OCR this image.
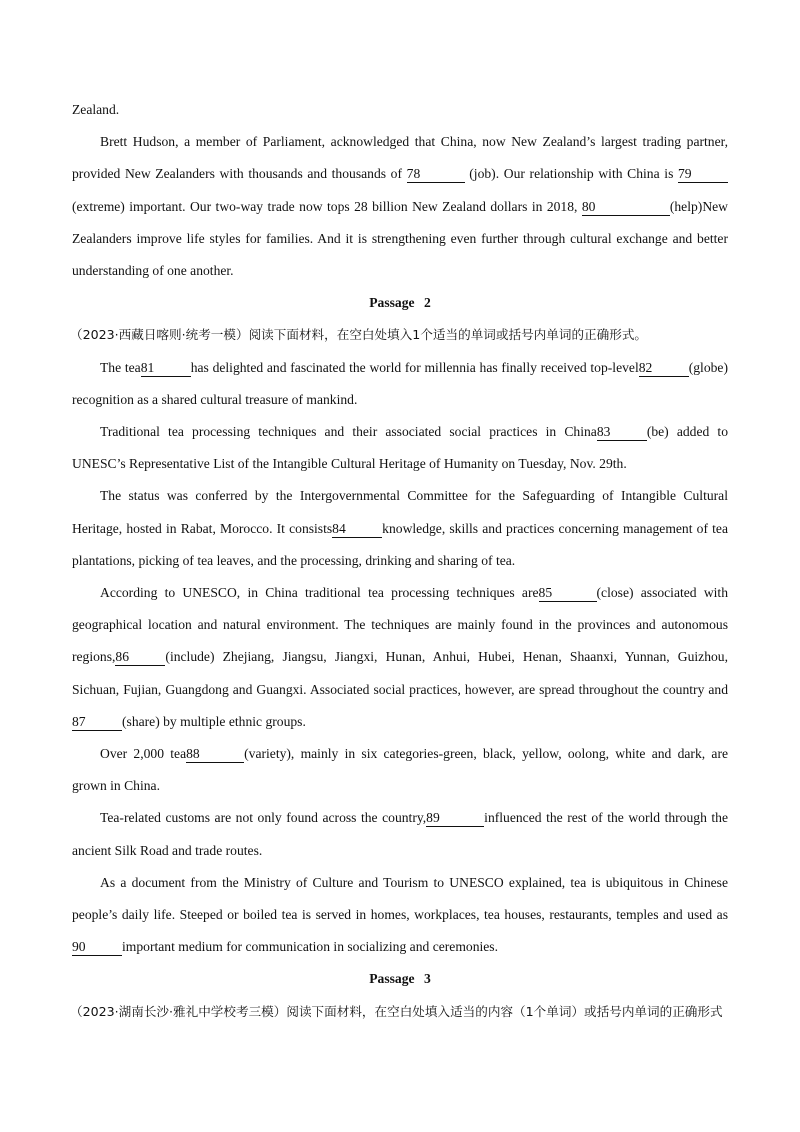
Zealand.

Brett Hudson, a member of Parliament, acknowledged that China, now New Zealand’s largest trading partner, provided New Zealanders with thousands and thousands of 78	(job). Our relationship with China is 79 (extreme) important. Our two-way trade now tops 28 billion New Zealand dollars in 2018, 80	(help)New Zealanders improve life styles for families. And it is strengthening even further through cultural exchange and better understanding of one another.

Passage 2

（2023·西藏日喀则·统考一模）阅读下面材料，在空白处填入1个适当的单词或括号内单词的正确形式。

The tea81	has delighted and fascinated the world for millennia has finally received top-level82	(globe) recognition as a shared cultural treasure of mankind.

Traditional tea processing techniques and their associated social practices in China83	(be) added to UNESC’s Representative List of the Intangible Cultural Heritage of Humanity on Tuesday, Nov. 29th.

The status was conferred by the Intergovernmental Committee for the Safeguarding of Intangible Cultural Heritage, hosted in Rabat, Morocco. It consists84	knowledge, skills and practices concerning management of tea plantations, picking of tea leaves, and the processing, drinking and sharing of tea.

According to UNESCO, in China traditional tea processing techniques are85	(close) associated with geographical location and natural environment. The techniques are mainly found in the provinces and autonomous regions,86	(include) Zhejiang, Jiangsu, Jiangxi, Hunan, Anhui, Hubei, Henan, Shaanxi, Yunnan, Guizhou, Sichuan, Fujian, Guangdong and Guangxi. Associated social practices, however, are spread throughout the country and87	(share) by multiple ethnic groups.

Over 2,000 tea88	(variety), mainly in six categories-green, black, yellow, oolong, white and dark, are grown in China.

Tea-related customs are not only found across the country,89	influenced the rest of the world through the ancient Silk Road and trade routes.

As a document from the Ministry of Culture and Tourism to UNESCO explained, tea is ubiquitous in Chinese people’s daily life. Steeped or boiled tea is served in homes, workplaces, tea houses, restaurants, temples and used as 90	important medium for communication in socializing and ceremonies.

Passage 3

（2023·湖南长沙·雅礼中学校考三模）阅读下面材料，在空白处填入适当的内容（1个单词）或括号内单词的正确形式
